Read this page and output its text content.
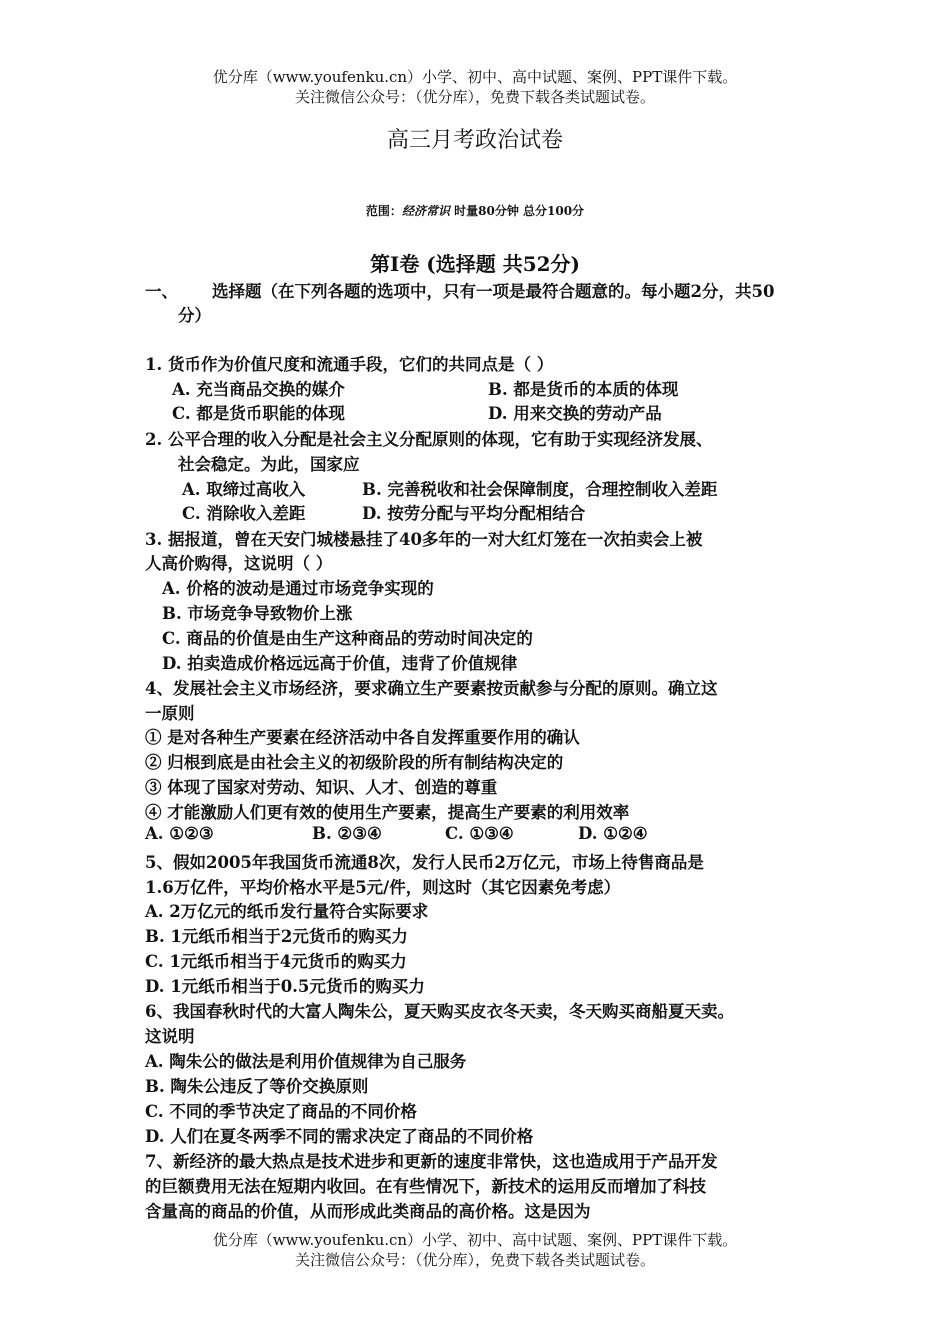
优分库（www.youfenku.cn）小学、初中、高中试题、案例、PPT课件下载。
关注微信公众号：（优分库），免费下载各类试题试卷。
高三月考政治试卷
范围：经济常识 时量80分钟 总分100分
第Ⅰ卷 (选择题 共52分)
一、 选择题（在下列各题的选项中，只有一项是最符合题意的。每小题2分，共50
分）
1. 货币作为价值尺度和流通手段，它们的共同点是（ ）
A. 充当商品交换的媒介	B. 都是货币的本质的体现
C. 都是货币职能的体现	D. 用来交换的劳动产品
2. 公平合理的收入分配是社会主义分配原则的体现，它有助于实现经济发展、
社会稳定。为此，国家应
A. 取缔过高收入	B. 完善税收和社会保障制度，合理控制收入差距
C. 消除收入差距	D. 按劳分配与平均分配相结合
3. 据报道，曾在天安门城楼悬挂了40多年的一对大红灯笼在一次拍卖会上被
人高价购得，这说明（ ）
A. 价格的波动是通过市场竞争实现的
B. 市场竞争导致物价上涨
C. 商品的价值是由生产这种商品的劳动时间决定的
D. 拍卖造成价格远远高于价值，违背了价值规律
4、发展社会主义市场经济，要求确立生产要素按贡献参与分配的原则。确立这
一原则
① 是对各种生产要素在经济活动中各自发挥重要作用的确认
② 归根到底是由社会主义的初级阶段的所有制结构决定的
③ 体现了国家对劳动、知识、人才、创造的尊重
④ 才能激励人们更有效的使用生产要素，提高生产要素的利用效率
A. ①②③	B. ②③④	C. ①③④	D. ①②④
5、假如2005年我国货币流通8次，发行人民币2万亿元，市场上待售商品是
1.6万亿件，平均价格水平是5元/件，则这时（其它因素免考虑）
A. 2万亿元的纸币发行量符合实际要求
B. 1元纸币相当于2元货币的购买力
C. 1元纸币相当于4元货币的购买力
D. 1元纸币相当于0.5元货币的购买力
6、我国春秋时代的大富人陶朱公，夏天购买皮衣冬天卖，冬天购买商船夏天卖。
这说明
A. 陶朱公的做法是利用价值规律为自己服务
B. 陶朱公违反了等价交换原则
C. 不同的季节决定了商品的不同价格
D. 人们在夏冬两季不同的需求决定了商品的不同价格
7、新经济的最大热点是技术进步和更新的速度非常快，这也造成用于产品开发
的巨额费用无法在短期内收回。在有些情况下，新技术的运用反而增加了科技
含量高的商品的价值，从而形成此类商品的高价格。这是因为
优分库（www.youfenku.cn）小学、初中、高中试题、案例、PPT课件下载。
关注微信公众号：（优分库），免费下载各类试题试卷。
